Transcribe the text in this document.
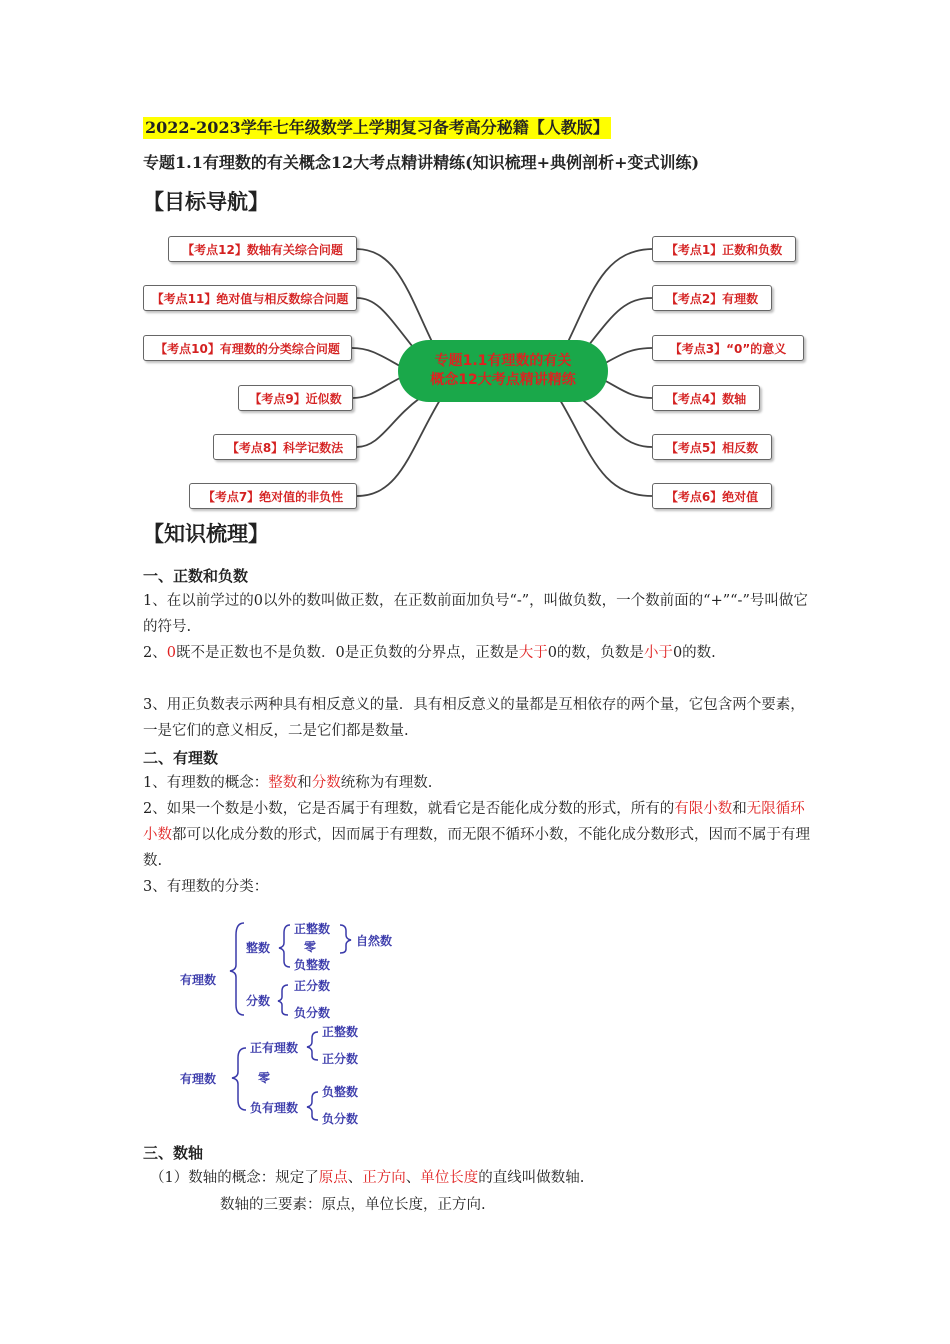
2022-2023学年七年级数学上学期复习备考高分秘籍【人教版】
专题1.1有理数的有关概念12大考点精讲精练(知识梳理+典例剖析+变式训练)
【目标导航】
专题1.1有理数的有关
概念12大考点精讲精练
【考点1】正数和负数
【考点2】有理数
【考点3】“0”的意义
【考点4】数轴
【考点5】相反数
【考点6】绝对值
【考点12】数轴有关综合问题
【考点11】绝对值与相反数综合问题
【考点10】有理数的分类综合问题
【考点9】近似数
【考点8】科学记数法
【考点7】绝对值的非负性
【知识梳理】
一、正数和负数
1、在以前学过的0以外的数叫做正数，在正数前面加负号“-”，叫做负数，一个数前面的“+”“-”号叫做它的符号.
2、0既不是正数也不是负数．0是正负数的分界点，正数是大于0的数，负数是小于0的数.
3、用正负数表示两种具有相反意义的量．具有相反意义的量都是互相依存的两个量，它包含两个要素，一是它们的意义相反，二是它们都是数量.
二、有理数
1、有理数的概念：整数和分数统称为有理数.
2、如果一个数是小数，它是否属于有理数，就看它是否能化成分数的形式，所有的有限小数和无限循环小数都可以化成分数的形式，因而属于有理数，而无限不循环小数，不能化成分数形式，因而不属于有理数.
3、有理数的分类：
有理数
整数
分数
正整数
零
负整数
自然数
正分数
负分数
有理数
正有理数
零
负有理数
正整数
正分数
负整数
负分数
三、数轴
（1）数轴的概念：规定了原点、正方向、单位长度的直线叫做数轴.
数轴的三要素：原点，单位长度，正方向.
